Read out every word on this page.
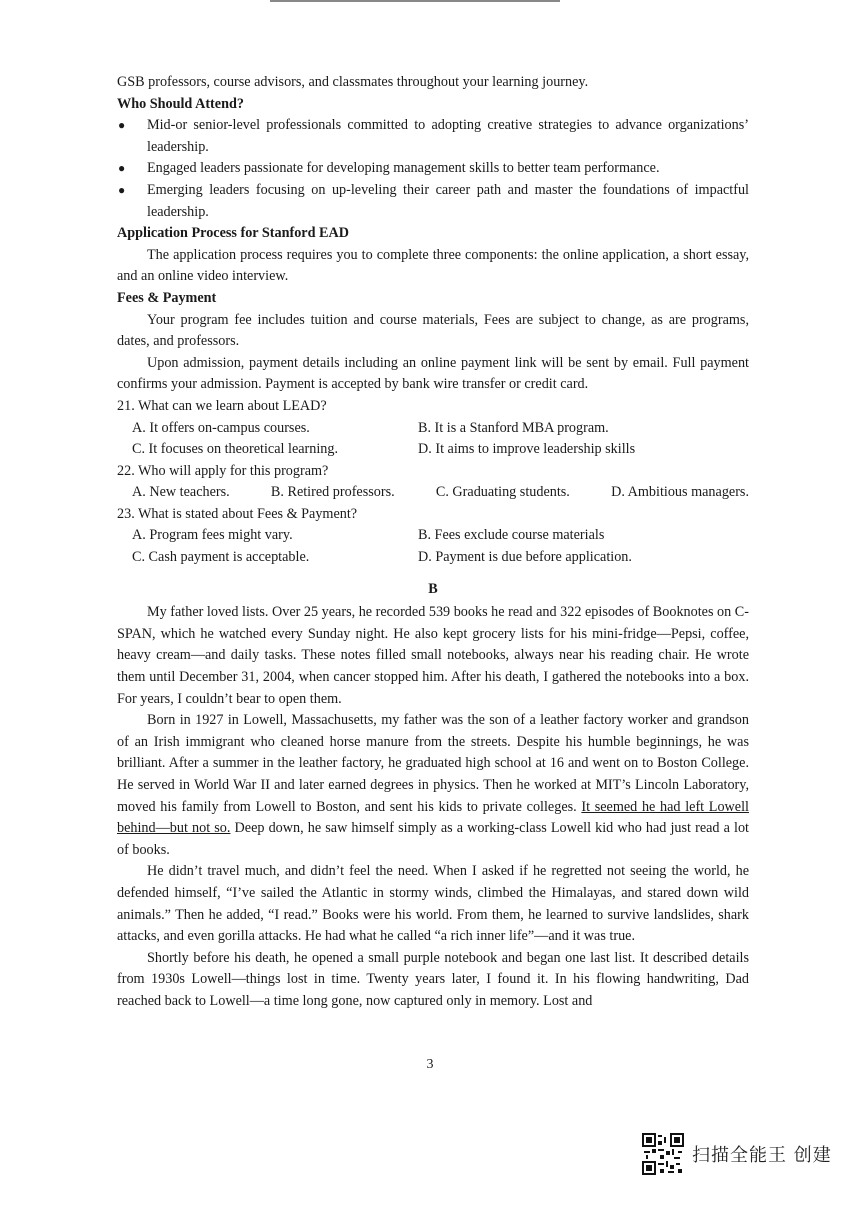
GSB professors, course advisors, and classmates throughout your learning journey.

Who Should Attend?

● Mid-or senior-level professionals committed to adopting creative strategies to advance organizations’ leadership.

● Engaged leaders passionate for developing management skills to better team performance.

● Emerging leaders focusing on up-leveling their career path and master the foundations of impactful leadership.

Application Process for Stanford EAD

The application process requires you to complete three components: the online application, a short essay, and an online video interview.

Fees & Payment

Your program fee includes tuition and course materials, Fees are subject to change, as are programs, dates, and professors.

Upon admission, payment details including an online payment link will be sent by email. Full payment confirms your admission. Payment is accepted by bank wire transfer or credit card.

21. What can we learn about LEAD?

A. It offers on-campus courses.	B. It is a Stanford MBA program.
C. It focuses on theoretical learning.	D. It aims to improve leadership skills

22. Who will apply for this program?

A. New teachers.	B. Retired professors.	C. Graduating students.	D. Ambitious managers.

23. What is stated about Fees & Payment?

A. Program fees might vary.	B. Fees exclude course materials
C. Cash payment is acceptable.	D. Payment is due before application.

B

My father loved lists. Over 25 years, he recorded 539 books he read and 322 episodes of Booknotes on C-SPAN, which he watched every Sunday night. He also kept grocery lists for his mini-fridge—Pepsi, coffee, heavy cream—and daily tasks. These notes filled small notebooks, always near his reading chair. He wrote them until December 31, 2004, when cancer stopped him. After his death, I gathered the notebooks into a box. For years, I couldn’t bear to open them.

Born in 1927 in Lowell, Massachusetts, my father was the son of a leather factory worker and grandson of an Irish immigrant who cleaned horse manure from the streets. Despite his humble beginnings, he was brilliant. After a summer in the leather factory, he graduated high school at 16 and went on to Boston College. He served in World War II and later earned degrees in physics. Then he worked at MIT’s Lincoln Laboratory, moved his family from Lowell to Boston, and sent his kids to private colleges. It seemed he had left Lowell behind—but not so. Deep down, he saw himself simply as a working-class Lowell kid who had just read a lot of books.

He didn’t travel much, and didn’t feel the need. When I asked if he regretted not seeing the world, he defended himself, “I’ve sailed the Atlantic in stormy winds, climbed the Himalayas, and stared down wild animals.” Then he added, “I read.” Books were his world. From them, he learned to survive landslides, shark attacks, and even gorilla attacks. He had what he called “a rich inner life”—and it was true.

Shortly before his death, he opened a small purple notebook and began one last list. It described details from 1930s Lowell—things lost in time. Twenty years later, I found it. In his flowing handwriting, Dad reached back to Lowell—a time long gone, now captured only in memory. Lost and

3
扫描全能王 创建
